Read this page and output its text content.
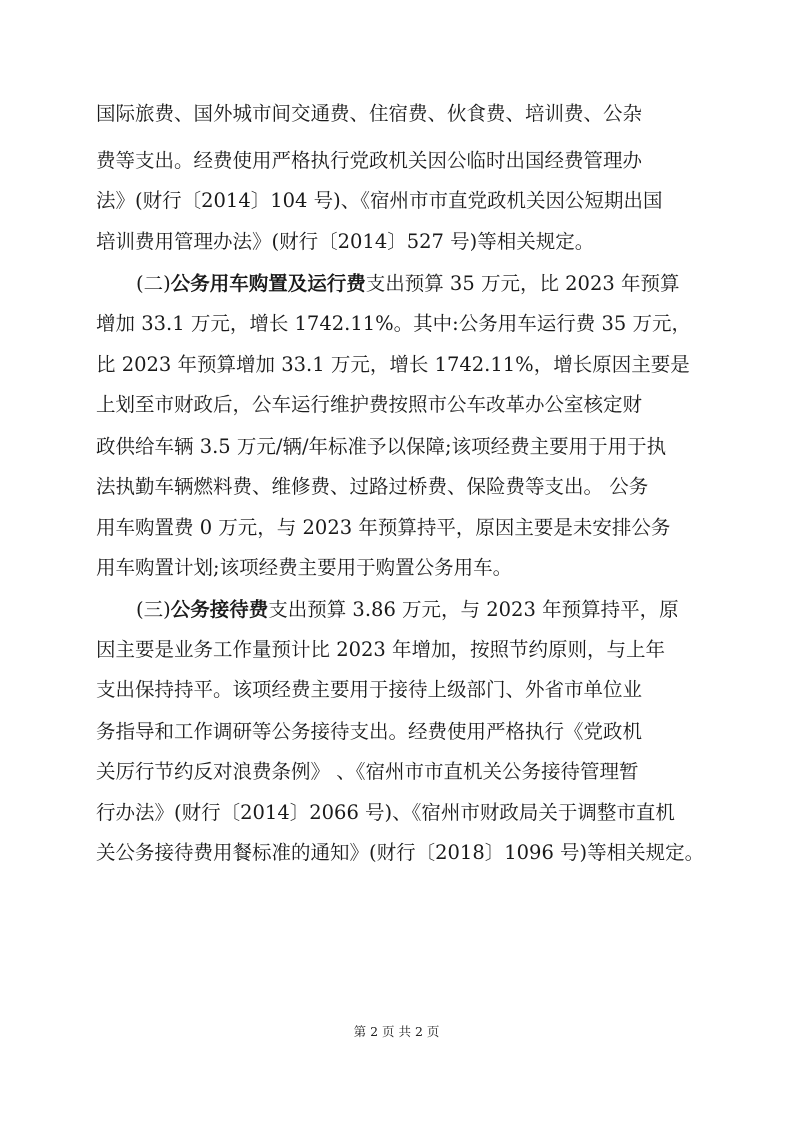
国际旅费、国外城市间交通费、住宿费、伙食费、培训费、公杂
费等支出。经费使用严格执行党政机关因公临时出国经费管理办
法》(财行〔2014〕104 号)、《宿州市市直党政机关因公短期出国
培训费用管理办法》(财行〔2014〕527 号)等相关规定。
(二)公务用车购置及运行费支出预算 35 万元，比 2023 年预算
增加 33.1 万元，增长 1742.11%。其中:公务用车运行费 35 万元，
比 2023 年预算增加 33.1 万元，增长 1742.11%，增长原因主要是
上划至市财政后，公车运行维护费按照市公车改革办公室核定财
政供给车辆 3.5 万元/辆/年标准予以保障;该项经费主要用于用于执
法执勤车辆燃料费、维修费、过路过桥费、保险费等支出。 公务
用车购置费 0 万元，与 2023 年预算持平，原因主要是未安排公务
用车购置计划;该项经费主要用于购置公务用车。
(三)公务接待费支出预算 3.86 万元，与 2023 年预算持平，原
因主要是业务工作量预计比 2023 年增加，按照节约原则，与上年
支出保持持平。该项经费主要用于接待上级部门、外省市单位业
务指导和工作调研等公务接待支出。经费使用严格执行《党政机
关厉行节约反对浪费条例》 、《宿州市市直机关公务接待管理暂
行办法》(财行〔2014〕2066 号)、《宿州市财政局关于调整市直机
关公务接待费用餐标准的通知》(财行〔2018〕1096 号)等相关规定。
第 2 页 共 2 页
